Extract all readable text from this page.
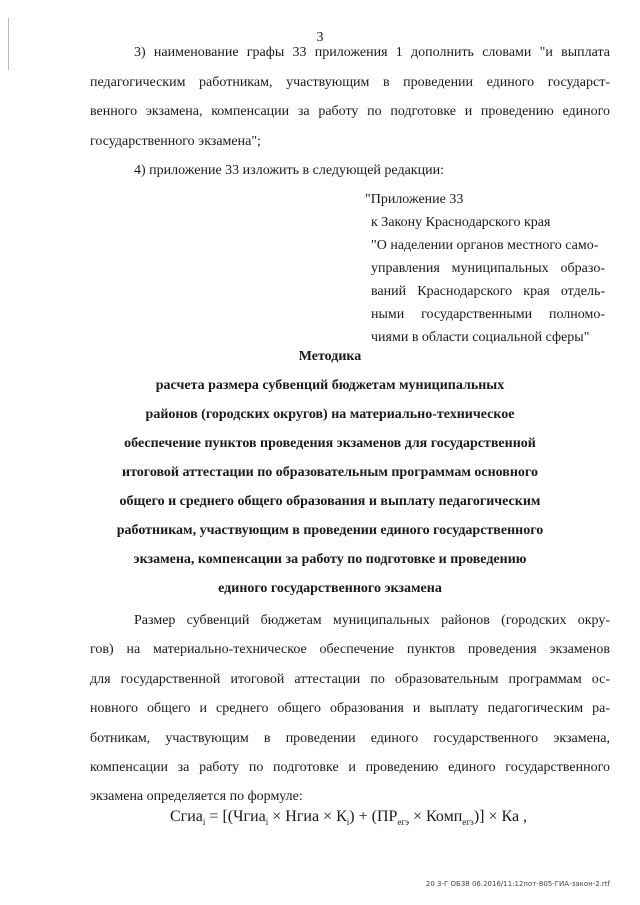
3
3) наименование графы 33 приложения 1 дополнить словами "и выплата
педагогическим работникам, участвующим в проведении единого государст-
венного экзамена, компенсации за работу по подготовке и проведению единого
государственного экзамена";
4) приложение 33 изложить в следующей редакции:
"Приложение 33
к Закону Краснодарского края
"О наделении органов местного само-
управления муниципальных образо-
ваний Краснодарского края отдель-
ными государственными полномо-
чиями в области социальной сферы"
Методика
расчета размера субвенций бюджетам муниципальных
районов (городских округов) на материально-техническое
обеспечение пунктов проведения экзаменов для государственной
итоговой аттестации по образовательным программам основного
общего и среднего общего образования и выплату педагогическим
работникам, участвующим в проведении единого государственного
экзамена, компенсации за работу по подготовке и проведению
единого государственного экзамена
Размер субвенций бюджетам муниципальных районов (городских окру-
гов) на материально-техническое обеспечение пунктов проведения экзаменов
для государственной итоговой аттестации по образовательным программам ос-
новного общего и среднего общего образования и выплату педагогическим ра-
ботникам, участвующим в проведении единого государственного экзамена,
компенсации за работу по подготовке и проведению единого государственного
экзамена определяется по формуле:
Сгиа$_i$ = [(Чгиа$_i$ × Нгиа × $К_i) + (ПР_{егэ}$ × Комп$_{егэ}$)] × Ка ,
20 3-Г ОБ38 06.2016/11:12пот-805-ГИА-закон-2.rtf
